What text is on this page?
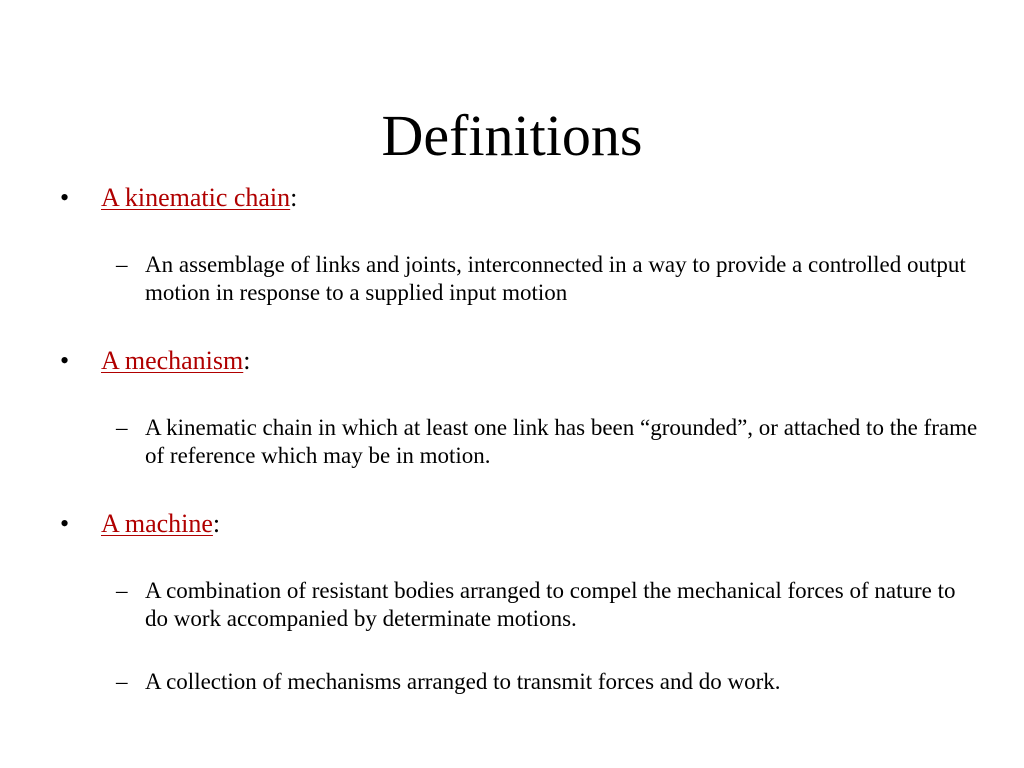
Definitions
•	A kinematic chain:
– An assemblage of links and joints, interconnected in a way to provide a controlled output motion in response to a supplied input motion
•	A mechanism:
– A kinematic chain in which at least one link has been “grounded”, or attached to the frame of reference which may be in motion.
•	A machine:
– A combination of resistant bodies arranged to compel the mechanical forces of nature to do work accompanied by determinate motions.
– A collection of mechanisms arranged to transmit forces and do work.
